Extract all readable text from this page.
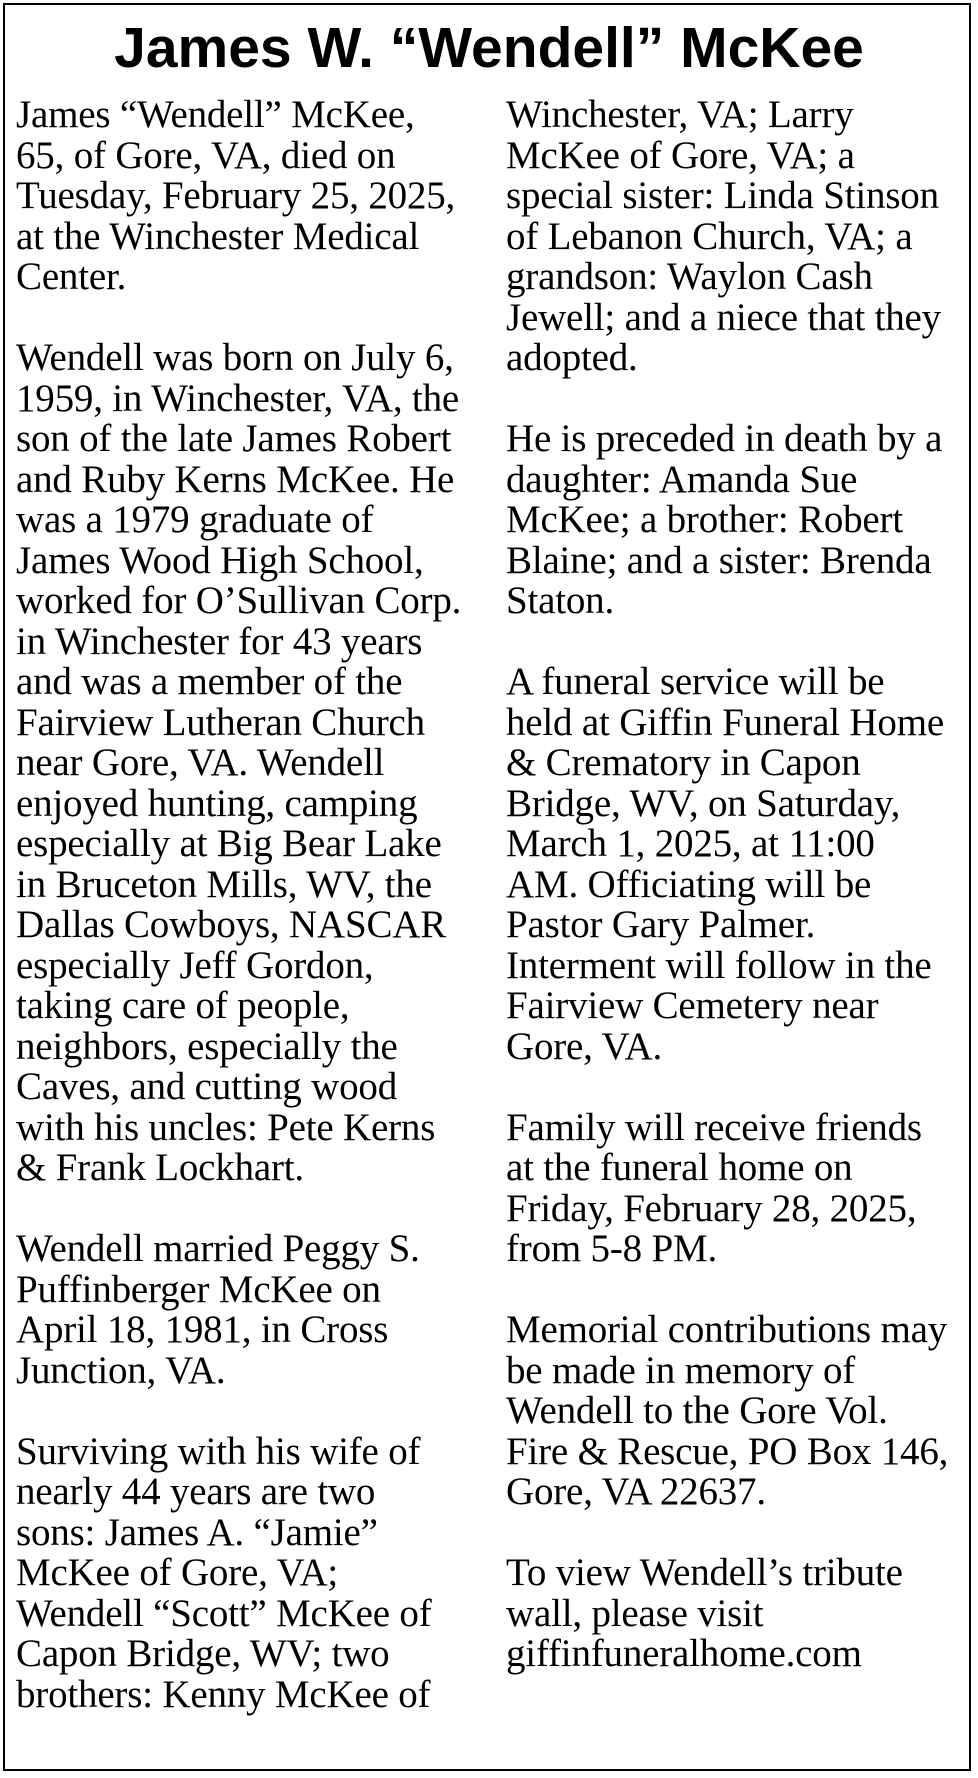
James W. “Wendell” McKee
James “Wendell” McKee,
65, of Gore, VA, died on
Tuesday, February 25, 2025,
at the Winchester Medical
Center.
Wendell was born on July 6,
1959, in Winchester, VA, the
son of the late James Robert
and Ruby Kerns McKee. He
was a 1979 graduate of
James Wood High School,
worked for O’Sullivan Corp.
in Winchester for 43 years
and was a member of the
Fairview Lutheran Church
near Gore, VA. Wendell
enjoyed hunting, camping
especially at Big Bear Lake
in Bruceton Mills, WV, the
Dallas Cowboys, NASCAR
especially Jeff Gordon,
taking care of people,
neighbors, especially the
Caves, and cutting wood
with his uncles: Pete Kerns
& Frank Lockhart.
Wendell married Peggy S.
Puffinberger McKee on
April 18, 1981, in Cross
Junction, VA.
Surviving with his wife of
nearly 44 years are two
sons: James A. “Jamie”
McKee of Gore, VA;
Wendell “Scott” McKee of
Capon Bridge, WV; two
brothers: Kenny McKee of
Winchester, VA; Larry
McKee of Gore, VA; a
special sister: Linda Stinson
of Lebanon Church, VA; a
grandson: Waylon Cash
Jewell; and a niece that they
adopted.
He is preceded in death by a
daughter: Amanda Sue
McKee; a brother: Robert
Blaine; and a sister: Brenda
Staton.
A funeral service will be
held at Giffin Funeral Home
& Crematory in Capon
Bridge, WV, on Saturday,
March 1, 2025, at 11:00
AM. Officiating will be
Pastor Gary Palmer.
Interment will follow in the
Fairview Cemetery near
Gore, VA.
Family will receive friends
at the funeral home on
Friday, February 28, 2025,
from 5-8 PM.
Memorial contributions may
be made in memory of
Wendell to the Gore Vol.
Fire & Rescue, PO Box 146,
Gore, VA 22637.
To view Wendell’s tribute
wall, please visit
giffinfuneralhome.com
